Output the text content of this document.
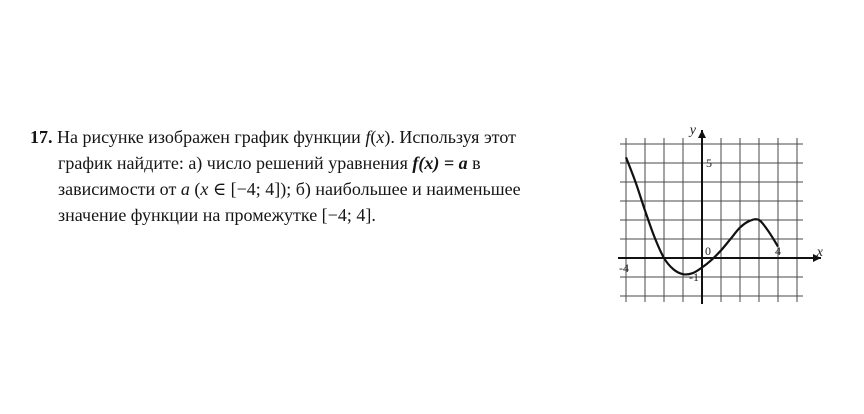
17. На рисунке изображен график функции f(x). Используя этот
график найдите: а) число решений уравнения f(x) = a в
зависимости от a (x ∈ [−4; 4]); б) наибольшее и наименьшее
значение функции на промежутке [−4; 4].
-4
0	4
5
-1
x
y
